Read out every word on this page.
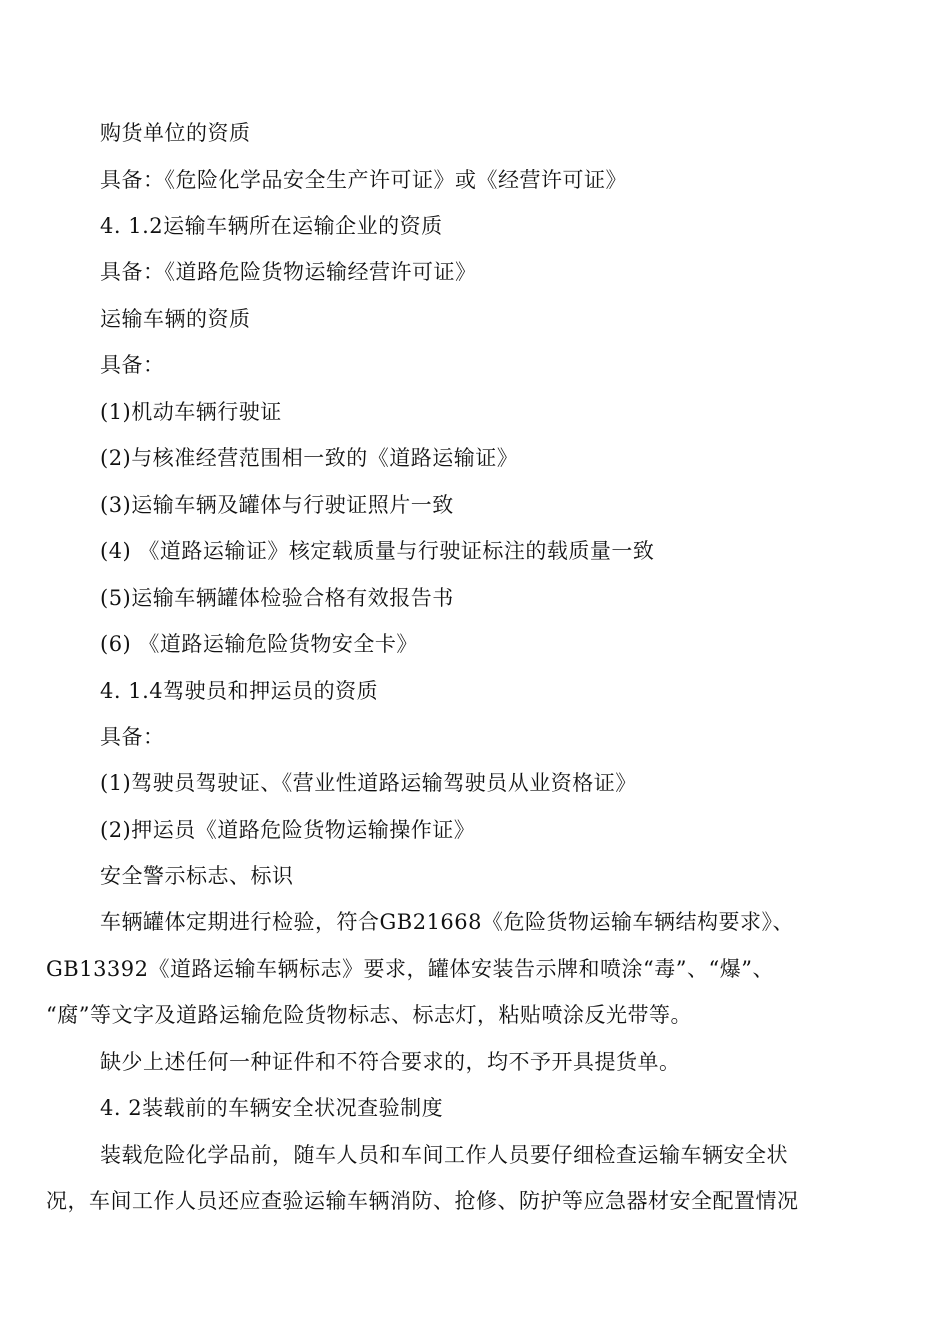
购货单位的资质
具备：《危险化学品安全生产许可证》或《经营许可证》
4. 1.2运输车辆所在运输企业的资质
具备：《道路危险货物运输经营许可证》
运输车辆的资质
具备：
(1)机动车辆行驶证
(2)与核准经营范围相一致的《道路运输证》
(3)运输车辆及罐体与行驶证照片一致
(4) 《道路运输证》核定载质量与行驶证标注的载质量一致
(5)运输车辆罐体检验合格有效报告书
(6) 《道路运输危险货物安全卡》
4. 1.4驾驶员和押运员的资质
具备：
(1)驾驶员驾驶证、《营业性道路运输驾驶员从业资格证》
(2)押运员《道路危险货物运输操作证》
安全警示标志、标识
车辆罐体定期进行检验，符合GB21668《危险货物运输车辆结构要求》、
GB13392《道路运输车辆标志》要求，罐体安装告示牌和喷涂“毒”、“爆”、
“腐”等文字及道路运输危险货物标志、标志灯，粘贴喷涂反光带等。
缺少上述任何一种证件和不符合要求的，均不予开具提货单。
4. 2装载前的车辆安全状况查验制度
装载危险化学品前，随车人员和车间工作人员要仔细检查运输车辆安全状
况，车间工作人员还应查验运输车辆消防、抢修、防护等应急器材安全配置情况
